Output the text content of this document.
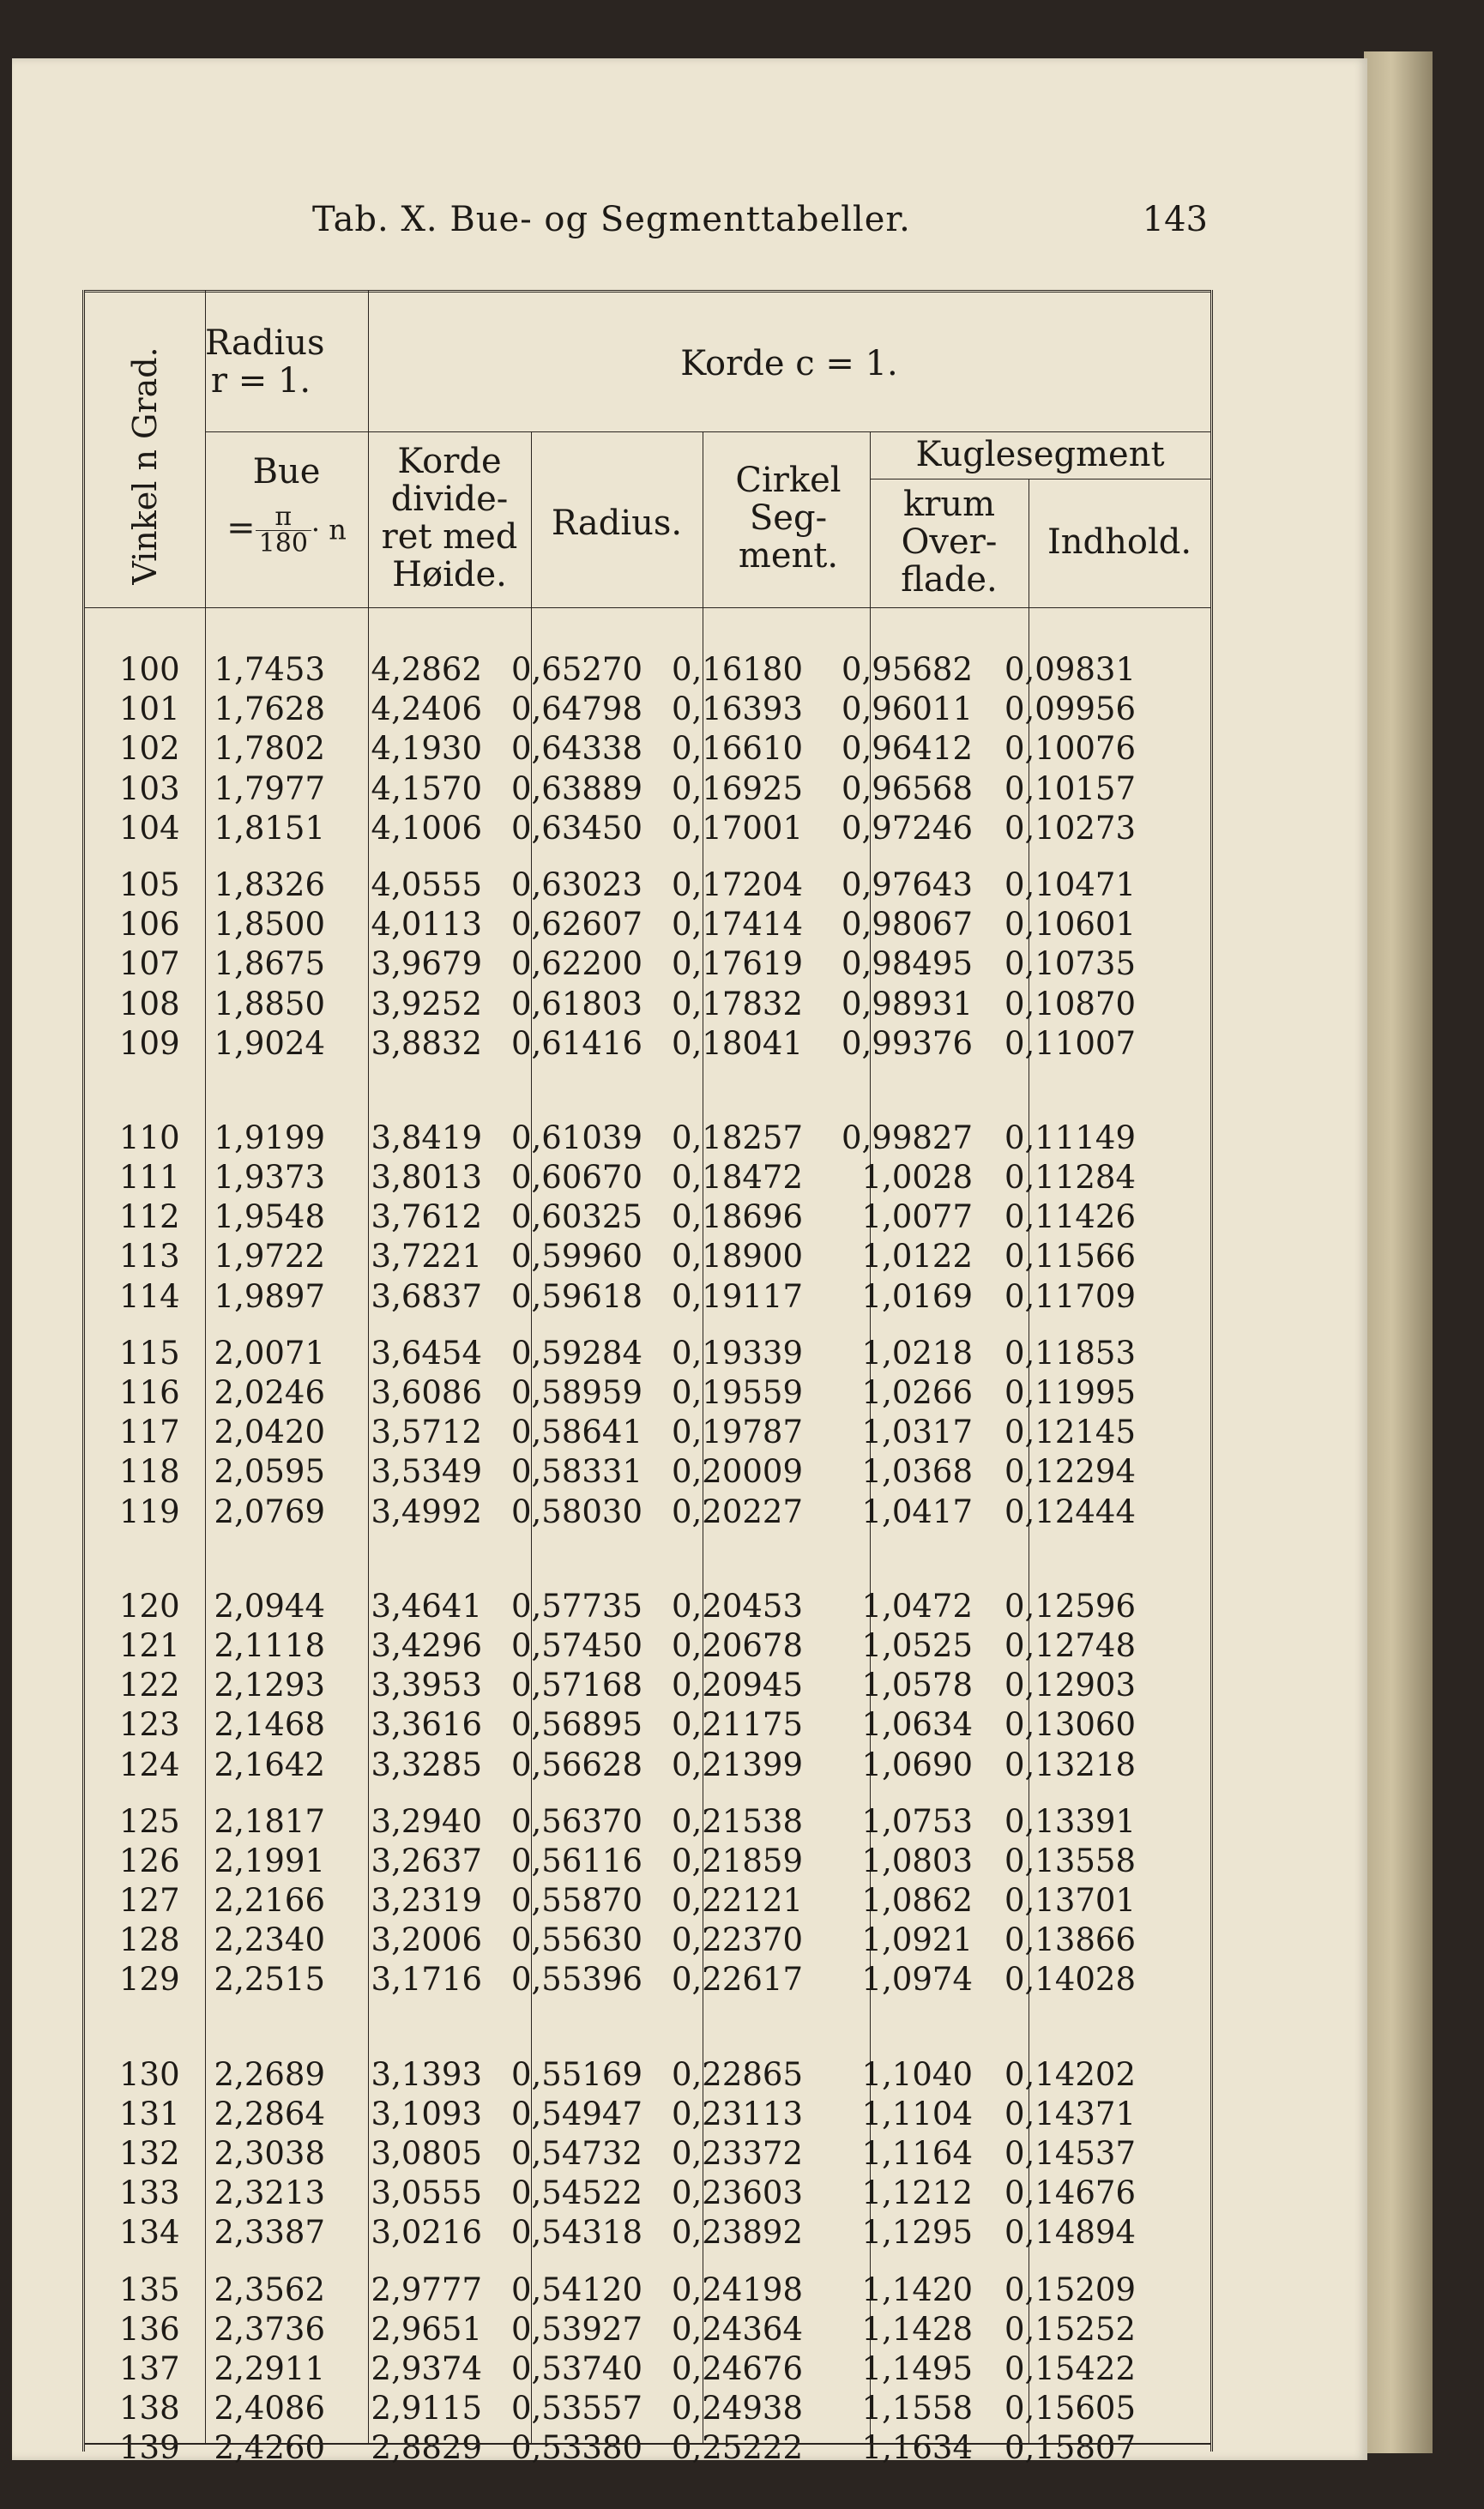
Tab. X. Bue- og Segmenttabeller.	143
Vinkel n Grad.
Radius r = 1.	Korde c = 1.
Bue
= $\frac{\pi}{180} \cdot n$
Korde divide- ret med Høide.
Radius.
Cirkel Seg- ment.
Kuglesegment
krum Over- flade.
Indhold.
100 1,7453	4,2862 0,65270 0,16180	0,95682 0,09831
101 1,7628	4,2406 0,64798 0,16393	0,96011 0,09956
102 1,7802	4,1930 0,64338 0,16610	0,96412 0,10076
103 1,7977	4,1570 0,63889 0,16925	0,96568 0,10157
104 1,8151	4,1006 0,63450 0,17001	0,97246 0,10273
105 1,8326	4,0555 0,63023 0,17204	0,97643 0,10471
106 1,8500	4,0113 0,62607 0,17414	0,98067 0,10601
107 1,8675	3,9679 0,62200 0,17619	0,98495 0,10735
108 1,8850	3,9252 0,61803 0,17832	0,98931 0,10870
109 1,9024	3,8832 0,61416 0,18041	0,99376 0,11007
110 1,9199	3,8419 0,61039 0,18257	0,99827 0,11149
111 1,9373	3,8013 0,60670 0,18472	1,0028 0,11284
112 1,9548	3,7612 0,60325 0,18696	1,0077 0,11426
113 1,9722	3,7221 0,59960 0,18900	1,0122 0,11566
114 1,9897	3,6837 0,59618 0,19117	1,0169 0,11709
115 2,0071	3,6454 0,59284 0,19339	1,0218 0,11853
116 2,0246	3,6086 0,58959 0,19559	1,0266 0,11995
117 2,0420	3,5712 0,58641 0,19787	1,0317 0,12145
118 2,0595	3,5349 0,58331 0,20009	1,0368 0,12294
119 2,0769	3,4992 0,58030 0,20227	1,0417 0,12444
120 2,0944	3,4641 0,57735 0,20453	1,0472 0,12596
121 2,1118	3,4296 0,57450 0,20678	1,0525 0,12748
122 2,1293	3,3953 0,57168 0,20945	1,0578 0,12903
123 2,1468	3,3616 0,56895 0,21175	1,0634 0,13060
124 2,1642	3,3285 0,56628 0,21399	1,0690 0,13218
125 2,1817	3,2940 0,56370 0,21538	1,0753 0,13391
126 2,1991	3,2637 0,56116 0,21859	1,0803 0,13558
127 2,2166	3,2319 0,55870 0,22121	1,0862 0,13701
128 2,2340	3,2006 0,55630 0,22370	1,0921 0,13866
129 2,2515	3,1716 0,55396 0,22617	1,0974 0,14028
130 2,2689	3,1393 0,55169 0,22865	1,1040 0,14202
131 2,2864	3,1093 0,54947 0,23113	1,1104 0,14371
132 2,3038	3,0805 0,54732 0,23372	1,1164 0,14537
133 2,3213	3,0555 0,54522 0,23603	1,1212 0,14676
134 2,3387	3,0216 0,54318 0,23892	1,1295 0,14894
135 2,3562	2,9777 0,54120 0,24198	1,1420 0,15209
136 2,3736	2,9651 0,53927 0,24364	1,1428 0,15252
137 2,2911	2,9374 0,53740 0,24676	1,1495 0,15422
138 2,4086	2,9115 0,53557 0,24938	1,1558 0,15605
139 2,4260	2,8829 0,53380 0,25222	1,1634 0,15807
